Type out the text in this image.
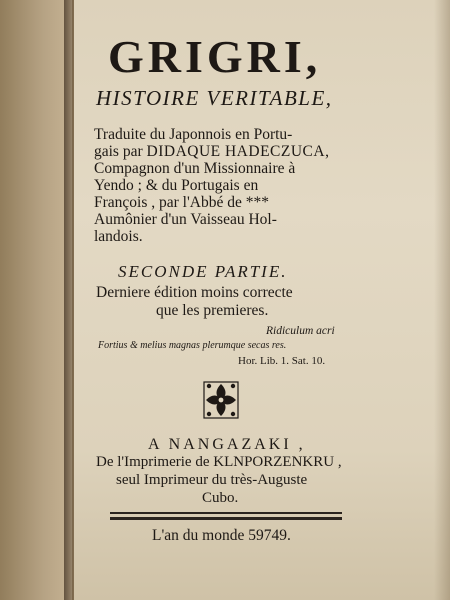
GRIGRI,
HISTOIRE VERITABLE,
Traduite du Japonnois en Portu-
gais par DIDAQUE HADECZUCA,
Compagnon d'un Missionnaire à
Yendo ; & du Portugais en
François , par l'Abbé de ***
Aumônier d'un Vaisseau Hol-
landois.
SECONDE PARTIE.
Derniere édition moins correcte
que les premieres.
Ridiculum acri
Fortius & melius magnas plerumque secas res.
Hor. Lib. 1. Sat. 10.
A NANGAZAKI ,
De l'Imprimerie de KLNPORZENKRU ,
seul Imprimeur du très-Auguste
Cubo.
L'an du monde 59749.
